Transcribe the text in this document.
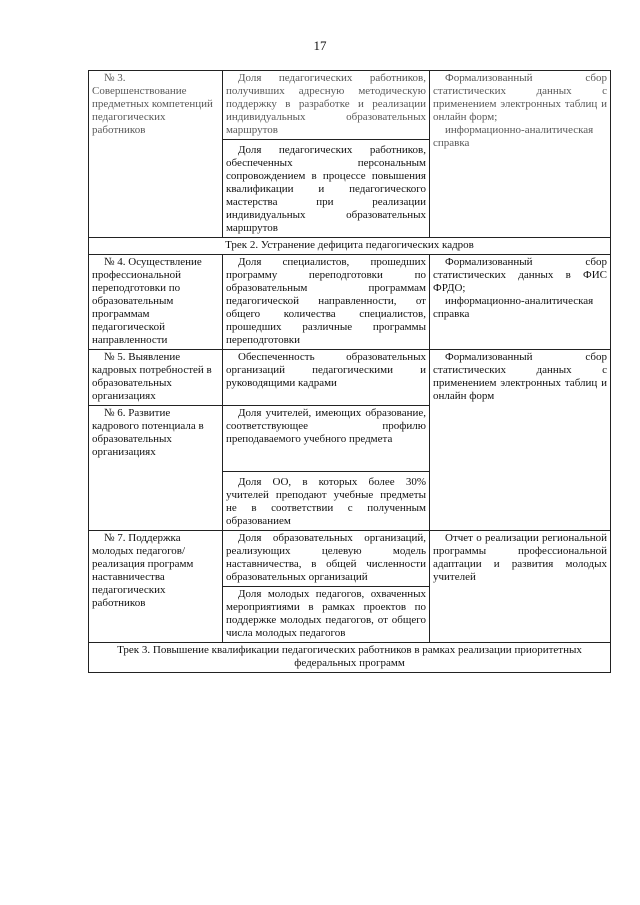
17
№ 3. Совершенствование предметных компетенций педагогических работников	Доля педагогических работников, получивших адресную методическую поддержку в разработке и реализации индивидуальных образовательных маршрутов	Формализованный сбор статистических данных с применением электронных таблиц и онлайн форм;
информационно-аналитическая справка

	Доля педагогических работников, обеспеченных персональным сопровождением в процессе повышения квалификации и педагогического мастерства при реализации индивидуальных образовательных маршрутов	
Трек 2. Устранение дефицита педагогических кадров		
№ 4. Осуществление профессиональной переподготовки по образовательным программам педагогической направленности	Доля специалистов, прошедших программу переподготовки по образовательным программам педагогической направленности, от общего количества специалистов, прошедших различные программы переподготовки	Формализованный сбор статистических данных в ФИС ФРДО;
информационно-аналитическая справка

№ 5. Выявление кадровых потребностей в образовательных организациях	Обеспеченность образовательных организаций педагогическими и руководящими кадрами	Формализованный сбор статистических данных с применением электронных таблиц и онлайн форм
№ 6. Развитие кадрового потенциала в образовательных организациях	Доля учителей, имеющих образование, соответствующее профилю преподаваемого учебного предмета	
	Доля ОО, в которых более 30% учителей преподают учебные предметы не в соответствии с полученным образованием	
№ 7. Поддержка молодых педагогов/реализация программ наставничества педагогических работников	Доля образовательных организаций, реализующих целевую модель наставничества, в общей численности образовательных организаций	Отчет о реализации региональной программы профессиональной адаптации и развития молодых учителей
	Доля молодых педагогов, охваченных мероприятиями в рамках проектов по поддержке молодых педагогов, от общего числа молодых педагогов	
Трек 3. Повышение квалификации педагогических работников в рамках реализации приоритетных федеральных программ		
